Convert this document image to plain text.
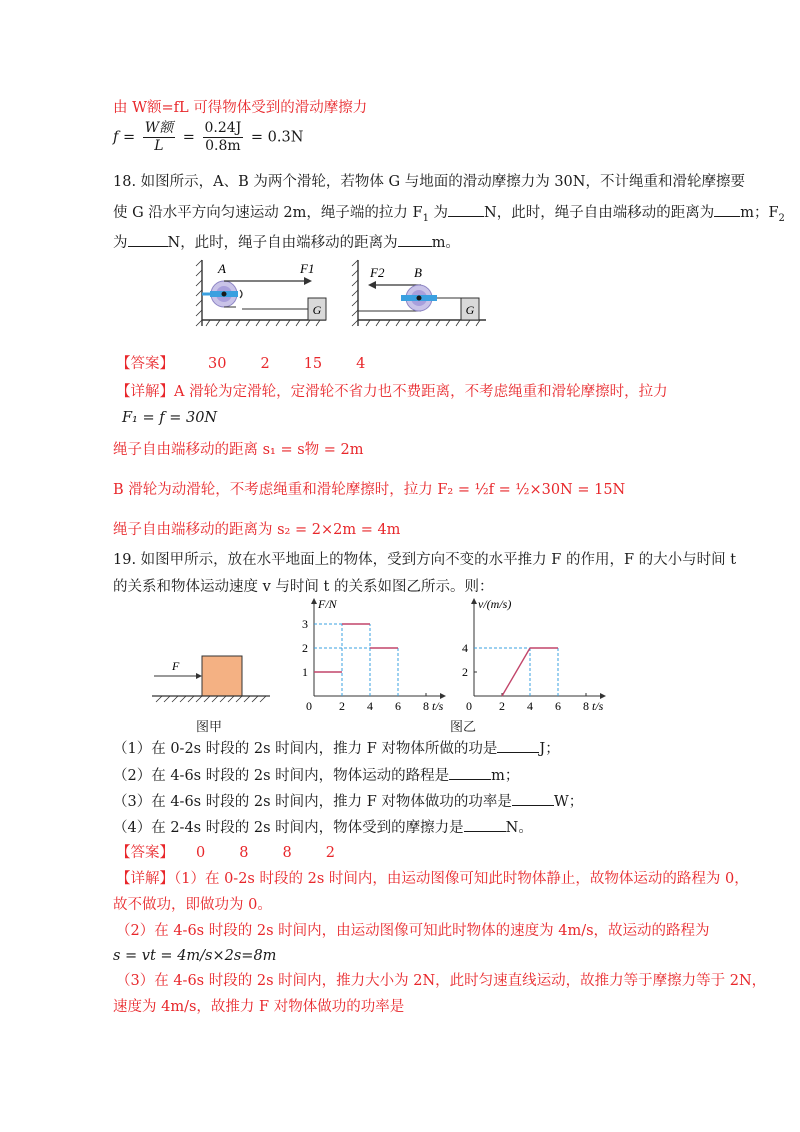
由 W额=fL 可得物体受到的滑动摩擦力
$f = \frac{\text{W额}}{L} = \frac{0.24J}{0.8m} = 0.3N$
18. 如图所示，A、B 为两个滑轮，若物体 G 与地面的滑动摩擦力为 30N，不计绳重和滑轮摩擦要
使 G 沿水平方向匀速运动 2m，绳子端的拉力 $F_1$ 为 N，此时，绳子自由端移动的距离为 m；$F_2$
为	N，此时，绳子自由端移动的距离为 m。
G
A	F1
G
B
F2
【答案】 30 2 15 4
【详解】A 滑轮为定滑轮，定滑轮不省力也不费距离，不考虑绳重和滑轮摩擦时，拉力
F₁ = f = 30N
绳子自由端移动的距离 s₁ = s物 = 2m
B 滑轮为动滑轮，不考虑绳重和滑轮摩擦时，拉力 F₂ = ½f = ½×30N = 15N
绳子自由端移动的距离为 s₂ = 2×2m = 4m
19. 如图甲所示，放在水平地面上的物体，受到方向不变的水平推力 F 的作用，F 的大小与时间 t
的关系和物体运动速度 v 与时间 t 的关系如图乙所示。则：
F
图甲
F/N
t/s
0 2 4 6 8
1
2
3
v/(m/s)
t/s
0 2 4 6 8
2
4
图乙
（1）在 0-2s 时段的 2s 时间内，推力 F 对物体所做的功是	J；
（2）在 4-6s 时段的 2s 时间内，物体运动的路程是	m；
（3）在 4-6s 时段的 2s 时间内，推力 F 对物体做功的功率是	W；
（4）在 2-4s 时段的 2s 时间内，物体受到的摩擦力是	N。
【答案】 0 8 8 2
【详解】（1）在 0-2s 时段的 2s 时间内，由运动图像可知此时物体静止，故物体运动的路程为 0，
故不做功，即做功为 0。
（2）在 4-6s 时段的 2s 时间内，由运动图像可知此时物体的速度为 4m/s，故运动的路程为
s = vt = 4m/s×2s=8m
（3）在 4-6s 时段的 2s 时间内，推力大小为 2N，此时匀速直线运动，故推力等于摩擦力等于 2N，
速度为 4m/s，故推力 F 对物体做功的功率是
